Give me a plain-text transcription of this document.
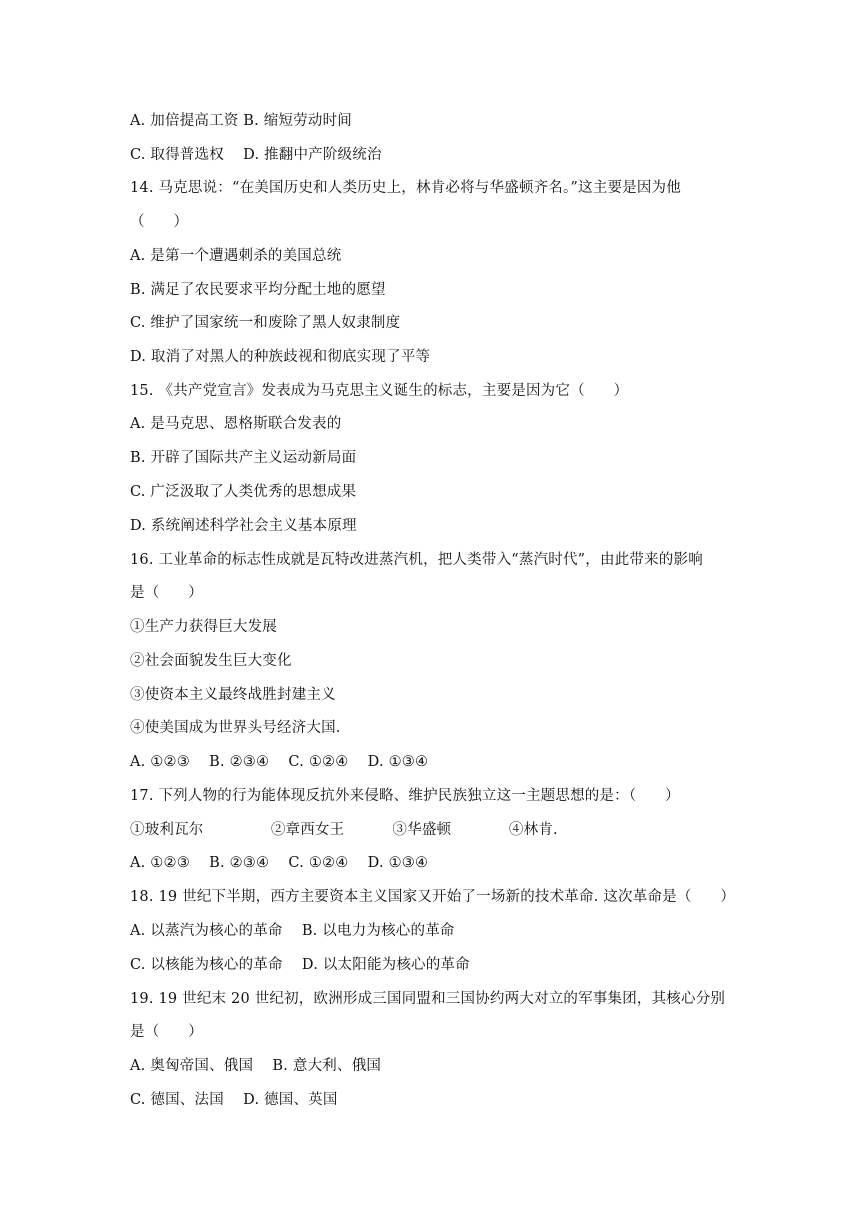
A. 加倍提高工资 B. 缩短劳动时间
C. 取得普选权    D. 推翻中产阶级统治
14. 马克思说：“在美国历史和人类历史上，林肯必将与华盛顿齐名。”这主要是因为他
（      ）
A. 是第一个遭遇刺杀的美国总统
B. 满足了农民要求平均分配土地的愿望
C. 维护了国家统一和废除了黑人奴隶制度
D. 取消了对黑人的种族歧视和彻底实现了平等
15. 《共产党宣言》发表成为马克思主义诞生的标志，主要是因为它（      ）
A. 是马克思、恩格斯联合发表的
B. 开辟了国际共产主义运动新局面
C. 广泛汲取了人类优秀的思想成果
D. 系统阐述科学社会主义基本原理
16. 工业革命的标志性成就是瓦特改进蒸汽机，把人类带入“蒸汽时代”，由此带来的影响
是（      ）
①生产力获得巨大发展
②社会面貌发生巨大变化
③使资本主义最终战胜封建主义
④使美国成为世界头号经济大国.
A. ①②③    B. ②③④    C. ①②④    D. ①③④
17. 下列人物的行为能体现反抗外来侵略、维护民族独立这一主题思想的是：（      ）
①玻利瓦尔              ②章西女王          ③华盛顿            ④林肯.
A. ①②③    B. ②③④    C. ①②④    D. ①③④
18. 19 世纪下半期，西方主要资本主义国家又开始了一场新的技术革命. 这次革命是（      ）
A. 以蒸汽为核心的革命    B. 以电力为核心的革命
C. 以核能为核心的革命    D. 以太阳能为核心的革命
19. 19 世纪末 20 世纪初，欧洲形成三国同盟和三国协约两大对立的军事集团，其核心分别
是（      ）
A. 奥匈帝国、俄国    B. 意大利、俄国
C. 德国、法国    D. 德国、英国
